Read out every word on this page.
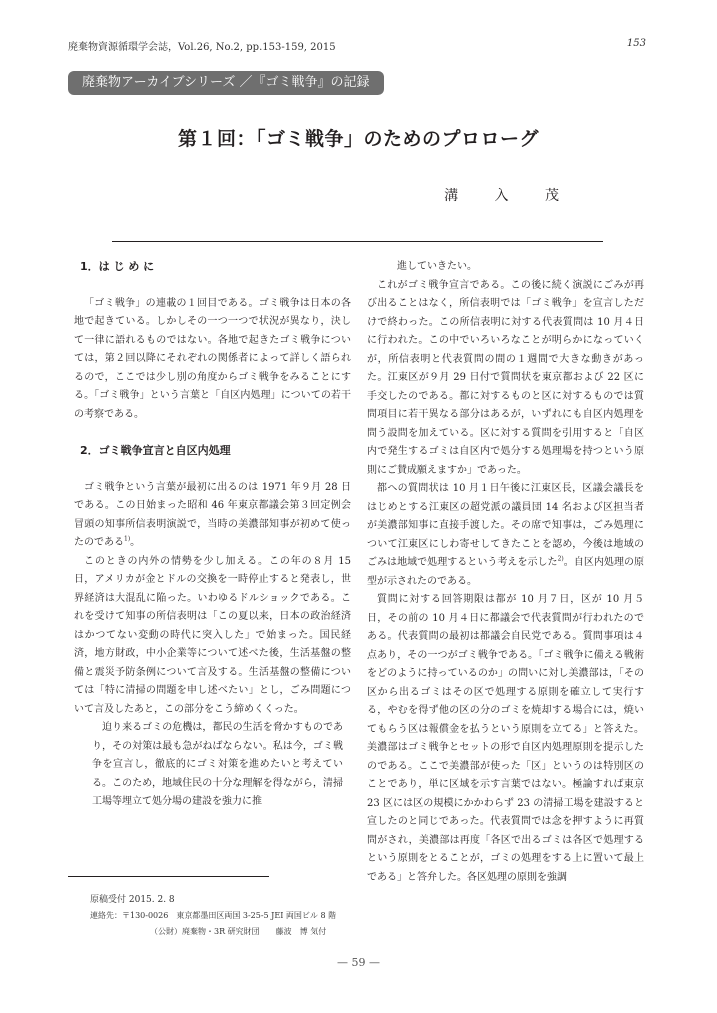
廃棄物資源循環学会誌，Vol.26, No.2, pp.153-159, 2015	153
廃棄物アーカイブシリーズ ／『ゴミ戦争』の記録
第１回：「ゴミ戦争」のためのプロローグ
溝 入 茂

1．は じ め に

「ゴミ戦争」の連載の１回目である。ゴミ戦争は日本の各地で起きている。しかしその一つ一つで状況が異なり，決して一律に語れるものではない。各地で起きたゴミ戦争については，第２回以降にそれぞれの関係者によって詳しく語られるので，ここでは少し別の角度からゴミ戦争をみることにする。「ゴミ戦争」という言葉と「自区内処理」についての若干の考察である。

2．ゴミ戦争宣言と自区内処理

ゴミ戦争という言葉が最初に出るのは 1971 年９月 28 日である。この日始まった昭和 46 年東京都議会第３回定例会冒頭の知事所信表明演説で，当時の美濃部知事が初めて使ったのである$^{1)}$。

このときの内外の情勢を少し加える。この年の８月 15 日，アメリカが金とドルの交換を一時停止すると発表し，世界経済は大混乱に陥った。いわゆるドルショックである。これを受けて知事の所信表明は「この夏以来，日本の政治経済はかつてない変動の時代に突入した」で始まった。国民経済，地方財政，中小企業等について述べた後，生活基盤の整備と震災予防条例について言及する。生活基盤の整備については「特に清掃の問題を申し述べたい」とし，ごみ問題について言及したあと，この部分をこう締めくくった。

迫り来るゴミの危機は，都民の生活を脅かすものであり，その対策は最も急がねばならない。私は今，ゴミ戦争を宣言し，徹底的にゴミ対策を進めたいと考えている。このため，地域住民の十分な理解を得ながら，清掃工場等埋立て処分場の建設を強力に推

進していきたい。

これがゴミ戦争宣言である。この後に続く演説にごみが再び出ることはなく，所信表明では「ゴミ戦争」を宣言しただけで終わった。この所信表明に対する代表質問は 10 月４日に行われた。この中でいろいろなことが明らかになっていくが，所信表明と代表質問の間の１週間で大きな動きがあった。江東区が９月 29 日付で質問状を東京都および 22 区に手交したのである。都に対するものと区に対するものでは質問項目に若干異なる部分はあるが，いずれにも自区内処理を問う設問を加えている。区に対する質問を引用すると「自区内で発生するゴミは自区内で処分する処理場を持つという原則にご賛成願えますか」であった。

都への質問状は 10 月１日午後に江東区長，区議会議長をはじめとする江東区の超党派の議員団 14 名および区担当者が美濃部知事に直接手渡した。その席で知事は，ごみ処理について江東区にしわ寄せしてきたことを認め，今後は地域のごみは地域で処理するという考えを示した$^{2)}$。自区内処理の原型が示されたのである。

質問に対する回答期限は都が 10 月７日，区が 10 月５日，その前の 10 月４日に都議会で代表質問が行われたのである。代表質問の最初は都議会自民党である。質問事項は４点あり，その一つがゴミ戦争である。「ゴミ戦争に備える戦術をどのように持っているのか」の問いに対し美濃部は，「その区から出るゴミはその区で処理する原則を確立して実行する，やむを得ず他の区の分のゴミを焼却する場合には，焼いてもらう区は報償金を払うという原則を立てる」と答えた。美濃部はゴミ戦争とセットの形で自区内処理原則を提示したのである。ここで美濃部が使った「区」というのは特別区のことであり，単に区域を示す言葉ではない。極論すれば東京 23 区には区の規模にかかわらず 23 の清掃工場を建設すると宣したのと同じであった。代表質問では念を押すように再質問がされ，美濃部は再度「各区で出るゴミは各区で処理するという原則をとることが，ゴミの処理をする上に置いて最上である」と答弁した。各区処理の原則を強調

原稿受付 2015. 2. 8
連絡先：〒130-0026　東京都墨田区両国 3-25-5 JEI 両国ビル 8 階
（公財）廃棄物・3R 研究財団　　藤波　博 気付
— 59 —
